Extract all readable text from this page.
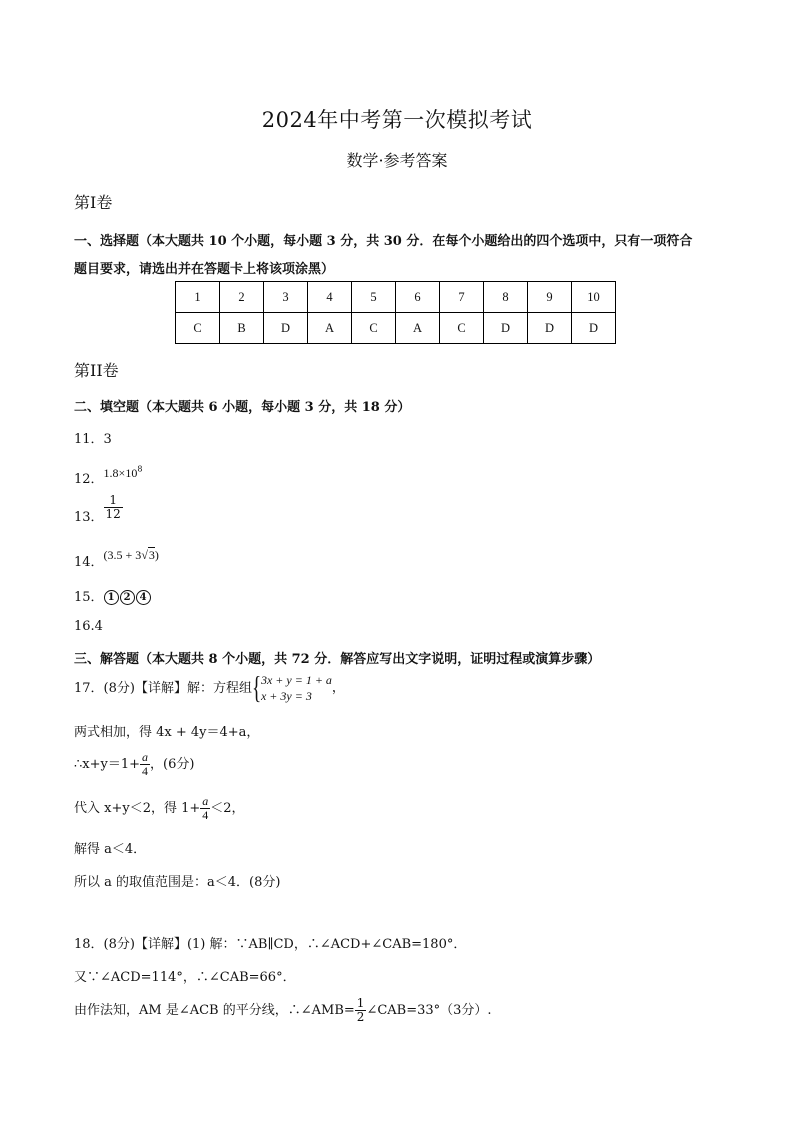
2024年中考第一次模拟考试
数学·参考答案
第Ⅰ卷
一、选择题（本大题共 10 个小题，每小题 3 分，共 30 分．在每个小题给出的四个选项中，只有一项符合
题目要求，请选出并在答题卡上将该项涂黑）
1	2	3	4	5	6	7	8	9	10
C	B	D	A	C	A	C	D	D	D
第II卷
二、填空题（本大题共 6 小题，每小题 3 分，共 18 分）
11．3
12．$1.8\times 10^8$
13． $\frac{1}{12}$
14．(3.5 + 3√3)
15． 1 2 4
16.4
三、解答题（本大题共 8 个小题，共 72 分．解答应写出文字说明，证明过程或演算步骤）
17．(8分)【详解】解：方程组 { 3x + y = 1 + a
x + 3y = 3
，
两式相加，得 4x + 4y＝4+a，
∴x+y＝1+ $\frac{a}{4}$ ，(6分)
代入 x+y＜2，得 $1+ \frac{a}{4} <2$，
解得 a＜4．
所以 a 的取值范围是：a＜4．(8分)
18．(8分)【详解】(1) 解：∵AB∥CD，∴∠ACD+∠CAB=180°．
又∵∠ACD=114°，∴∠CAB=66°．
由作法知，AM 是∠ACB 的平分线，∴∠AMB= $\frac{1}{2}$ ∠CAB=33°（3分）.
